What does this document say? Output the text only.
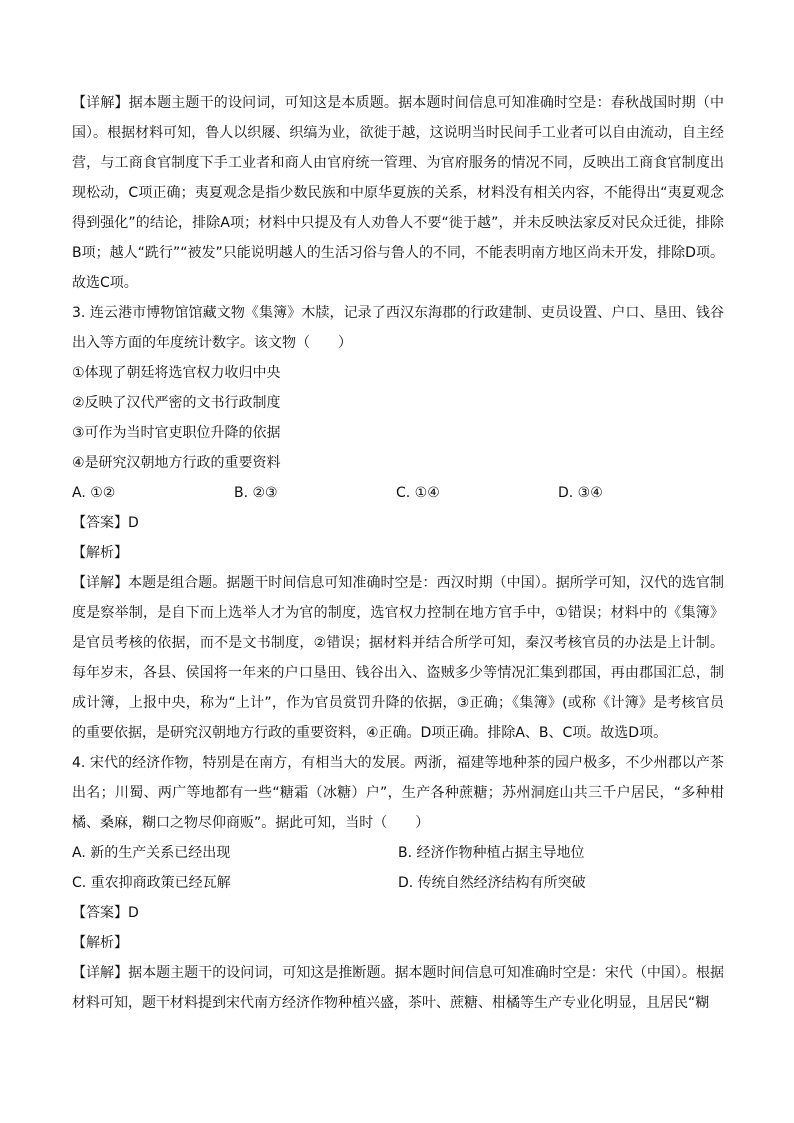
【详解】据本题主题干的设问词，可知这是本质题。据本题时间信息可知准确时空是：春秋战国时期（中国）。根据材料可知，鲁人以织屦、织缟为业，欲徙于越，这说明当时民间手工业者可以自由流动，自主经营，与工商食官制度下手工业者和商人由官府统一管理、为官府服务的情况不同，反映出工商食官制度出现松动，C项正确；夷夏观念是指少数民族和中原华夏族的关系，材料没有相关内容，不能得出“夷夏观念得到强化”的结论，排除A项；材料中只提及有人劝鲁人不要“徙于越”，并未反映法家反对民众迁徙，排除B项；越人“跣行”“被发”只能说明越人的生活习俗与鲁人的不同，不能表明南方地区尚未开发，排除D项。故选C项。

3. 连云港市博物馆馆藏文物《集簿》木牍，记录了西汉东海郡的行政建制、吏员设置、户口、垦田、钱谷出入等方面的年度统计数字。该文物（　　）

①体现了朝廷将选官权力收归中央

②反映了汉代严密的文书行政制度

③可作为当时官吏职位升降的依据

④是研究汉朝地方行政的重要资料

A. ①②	B. ②③	C. ①④	D. ③④

【答案】D

【解析】

【详解】本题是组合题。据题干时间信息可知准确时空是：西汉时期（中国）。据所学可知，汉代的选官制度是察举制，是自下而上选举人才为官的制度，选官权力控制在地方官手中，①错误；材料中的《集簿》是官员考核的依据，而不是文书制度，②错误；据材料并结合所学可知，秦汉考核官员的办法是上计制。每年岁末，各县、侯国将一年来的户口垦田、钱谷出入、盗贼多少等情况汇集到郡国，再由郡国汇总，制成计簿，上报中央，称为“上计”，作为官员赏罚升降的依据，③正确；《集簿》(或称《计簿》是考核官员的重要依据，是研究汉朝地方行政的重要资料，④正确。D项正确。排除A、B、C项。故选D项。

4. 宋代的经济作物，特别是在南方，有相当大的发展。两浙，福建等地种茶的园户极多，不少州郡以产茶出名；川蜀、两广等地都有一些“糖霜（冰糖）户”，生产各种蔗糖；苏州洞庭山共三千户居民，“多种柑橘、桑麻，糊口之物尽仰商贩”。据此可知，当时（　　）

A. 新的生产关系已经出现	B. 经济作物种植占据主导地位
C. 重农抑商政策已经瓦解	D. 传统自然经济结构有所突破

【答案】D

【解析】

【详解】据本题主题干的设问词，可知这是推断题。据本题时间信息可知准确时空是：宋代（中国）。根据材料可知，题干材料提到宋代南方经济作物种植兴盛，茶叶、蔗糖、柑橘等生产专业化明显，且居民“糊
